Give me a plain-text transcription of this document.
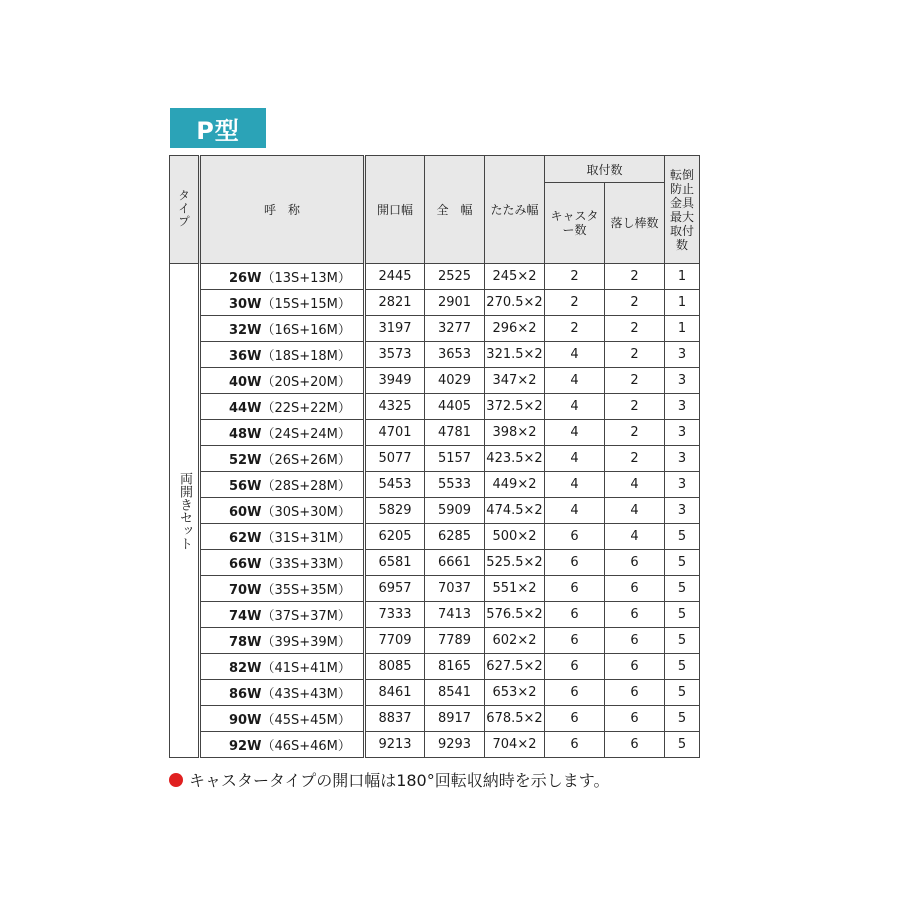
P型
タイプ	呼　称	開口幅	全　幅	たたみ幅	取付数		転倒防止金具最大取付数

					キャスター数	落し棒数	
両開きセット	26W（13S+13M）	2445	2525	245×2	2	2	1
	30W（15S+15M）	2821	2901	270.5×2	2	2	1
	32W（16S+16M）	3197	3277	296×2	2	2	1
	36W（18S+18M）	3573	3653	321.5×2	4	2	3
	40W（20S+20M）	3949	4029	347×2	4	2	3
	44W（22S+22M）	4325	4405	372.5×2	4	2	3
	48W（24S+24M）	4701	4781	398×2	4	2	3
	52W（26S+26M）	5077	5157	423.5×2	4	2	3
	56W（28S+28M）	5453	5533	449×2	4	4	3
	60W（30S+30M）	5829	5909	474.5×2	4	4	3
	62W（31S+31M）	6205	6285	500×2	6	4	5
	66W（33S+33M）	6581	6661	525.5×2	6	6	5
	70W（35S+35M）	6957	7037	551×2	6	6	5
	74W（37S+37M）	7333	7413	576.5×2	6	6	5
	78W（39S+39M）	7709	7789	602×2	6	6	5
	82W（41S+41M）	8085	8165	627.5×2	6	6	5
	86W（43S+43M）	8461	8541	653×2	6	6	5
	90W（45S+45M）	8837	8917	678.5×2	6	6	5
	92W（46S+46M）	9213	9293	704×2	6	6	5
キャスタータイプの開口幅は180°回転収納時を示します。
